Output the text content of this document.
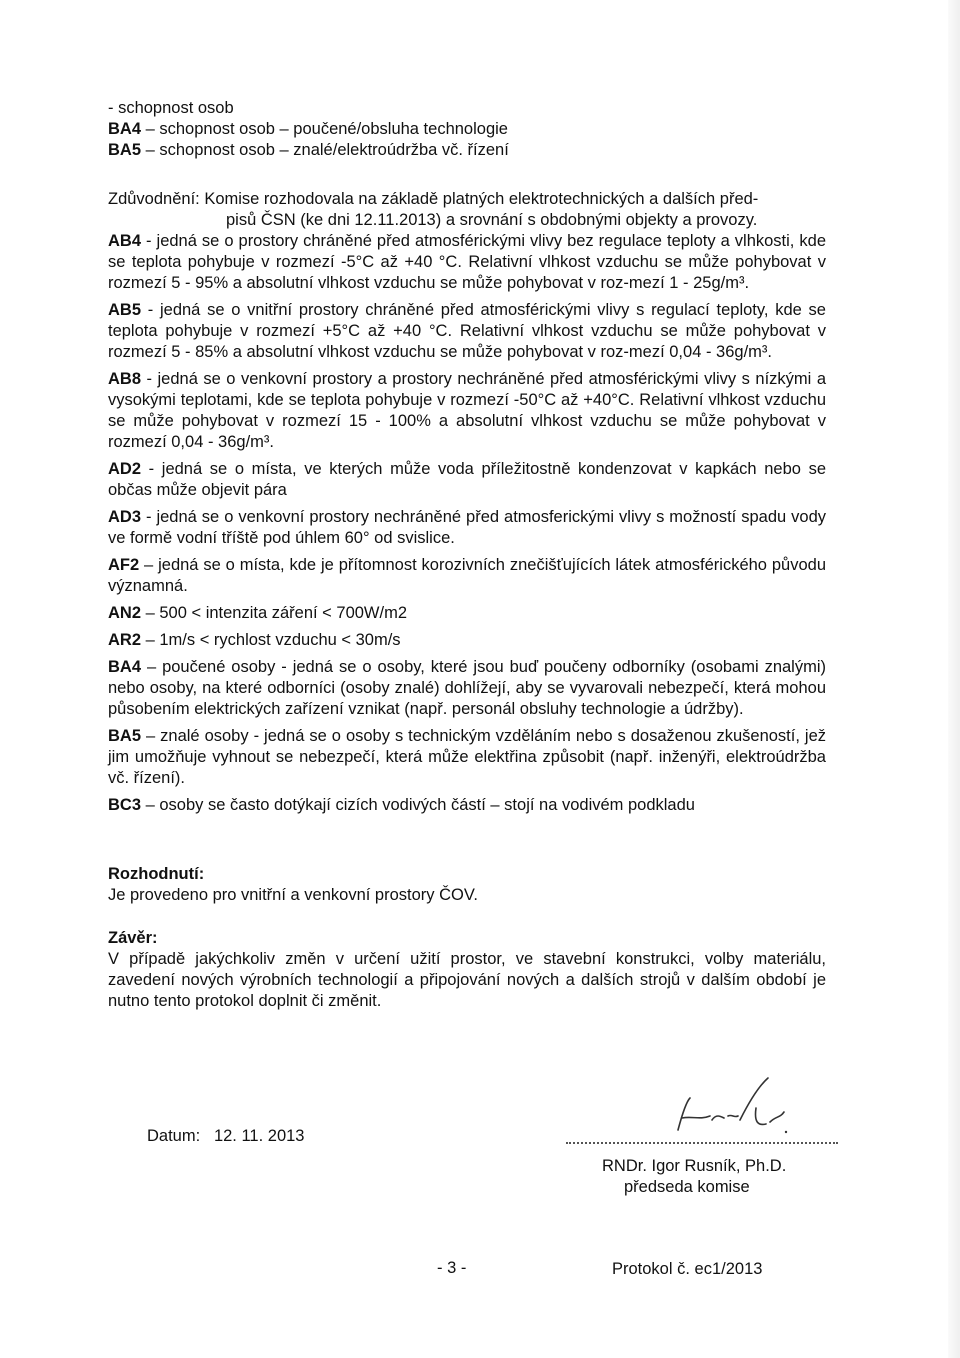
- schopnost osob
BA4 – schopnost osob – poučené/obsluha technologie
BA5 – schopnost osob – znalé/elektroúdržba vč. řízení
Zdůvodnění: Komise rozhodovala na základě platných elektrotechnických a dalších před-
pisů ČSN (ke dni 12.11.2013) a srovnání s obdobnými objekty a provozy.

AB4 - jedná se o prostory chráněné před atmosférickými vlivy bez regulace teploty a vlhkosti, kde se teplota pohybuje v rozmezí -5°C až +40 °C. Relativní vlhkost vzduchu se může pohybovat v rozmezí 5 - 95% a absolutní vlhkost vzduchu se může pohybovat v roz-mezí 1 - 25g/m³.

AB5 - jedná se o vnitřní prostory chráněné před atmosférickými vlivy s regulací teploty, kde se teplota pohybuje v rozmezí +5°C až +40 °C. Relativní vlhkost vzduchu se může pohybovat v rozmezí 5 - 85% a absolutní vlhkost vzduchu se může pohybovat v roz-mezí 0,04 - 36g/m³.

AB8 - jedná se o venkovní prostory a prostory nechráněné před atmosférickými vlivy s nízkými a vysokými teplotami, kde se teplota pohybuje v rozmezí -50°C až +40°C. Relativní vlhkost vzduchu se může pohybovat v rozmezí 15 - 100% a absolutní vlhkost vzduchu se může pohybovat v rozmezí 0,04 - 36g/m³.

AD2 - jedná se o místa, ve kterých může voda příležitostně kondenzovat v kapkách nebo se občas může objevit pára

AD3 - jedná se o venkovní prostory nechráněné před atmosferickými vlivy s možností spadu vody ve formě vodní tříště pod úhlem 60° od svislice.

AF2 – jedná se o místa, kde je přítomnost korozivních znečišťujících látek atmosférického původu významná.

AN2 – 500 < intenzita záření < 700W/m2

AR2 – 1m/s < rychlost vzduchu < 30m/s

BA4 – poučené osoby - jedná se o osoby, které jsou buď poučeny odborníky (osobami znalými) nebo osoby, na které odborníci (osoby znalé) dohlížejí, aby se vyvarovali nebezpečí, která mohou působením elektrických zařízení vznikat (např. personál obsluhy technologie a údržby).

BA5 – znalé osoby - jedná se o osoby s technickým vzděláním nebo s dosaženou zkušeností, jež jim umožňuje vyhnout se nebezpečí, která může elektřina způsobit (např. inženýři, elektroúdržba vč. řízení).

BC3 – osoby se často dotýkají cizích vodivých částí – stojí na vodivém podkladu

Rozhodnutí:

Je provedeno pro vnitřní a venkovní prostory ČOV.

Závěr:

V případě jakýchkoliv změn v určení užití prostor, ve stavební konstrukci, volby materiálu, zavedení nových výrobních technologií a připojování nových a dalších strojů v dalším období je nutno tento protokol doplnit či změnit.

Datum: 12. 11. 2013
RNDr. Igor Rusník, Ph.D.
předseda komise
- 3 -	Protokol č. ec1/2013
